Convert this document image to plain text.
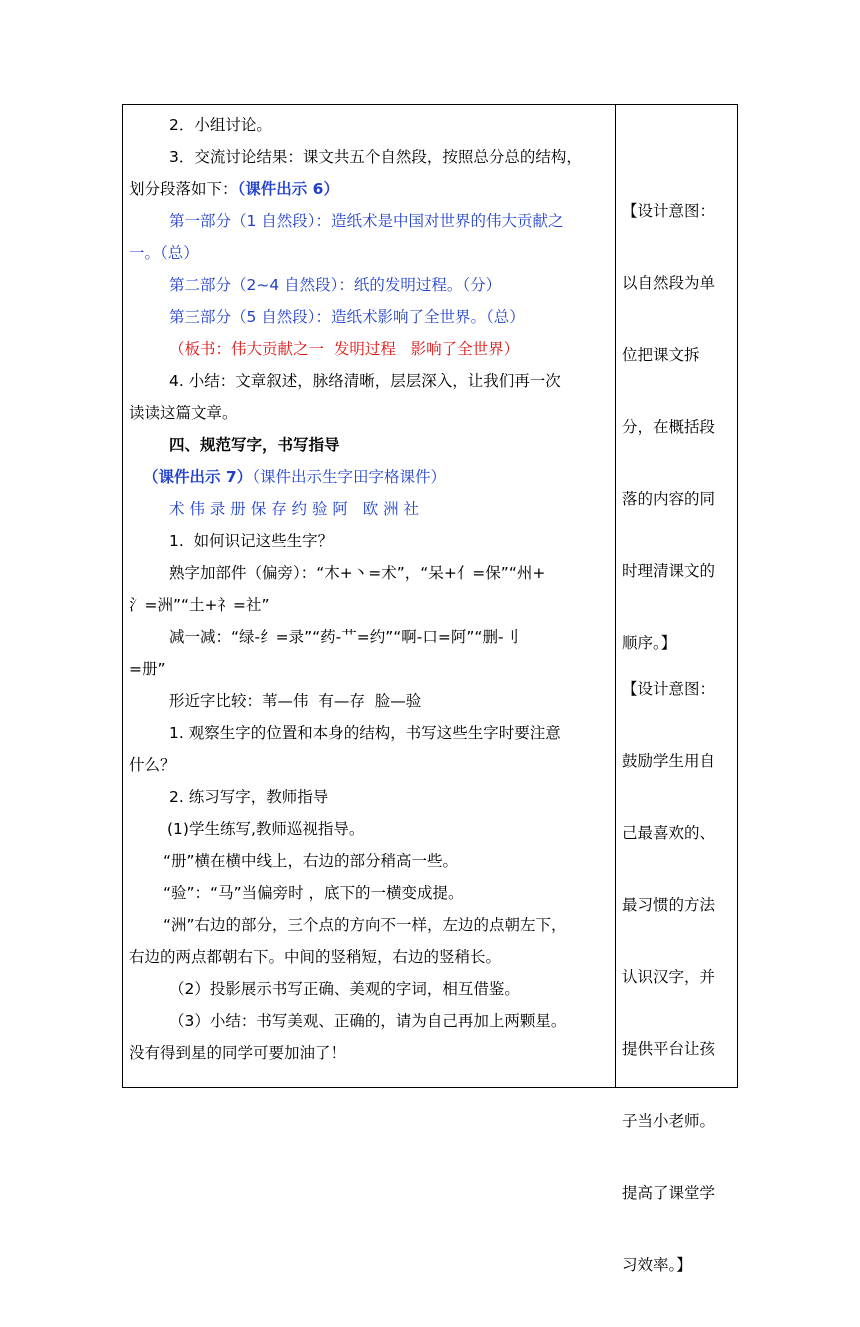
2．小组讨论。
3．交流讨论结果：课文共五个自然段，按照总分总的结构，
划分段落如下：（课件出示 6）
第一部分（1 自然段）：造纸术是中国对世界的伟大贡献之
一。（总）
第二部分（2~4 自然段）：纸的发明过程。（分）
第三部分（5 自然段）：造纸术影响了全世界。（总）
（板书：伟大贡献之一  发明过程   影响了全世界）
4. 小结：文章叙述，脉络清晰，层层深入，让我们再一次
读读这篇文章。
四、规范写字，书写指导
（课件出示 7）（课件出示生字田字格课件）
术 伟 录 册 保 存 约 验 阿   欧 洲 社
1.  如何识记这些生字？
熟字加部件（偏旁）：“木+丶=术”，“呆+亻=保”“州+
氵=洲”“土+礻=社”
减一减：“绿-纟=录”“药-艹=约”“啊-口=阿”“删-刂
=册”
形近字比较：苇—伟  有—存  脸—验
1. 观察生字的位置和本身的结构，书写这些生字时要注意
什么？
2. 练习写字，教师指导
(1)学生练写,教师巡视指导。
“册”横在横中线上，右边的部分稍高一些。
“验”：“马”当偏旁时 ，底下的一横变成提。
“洲”右边的部分，三个点的方向不一样，左边的点朝左下，
右边的两点都朝右下。中间的竖稍短，右边的竖稍长。
（2）投影展示书写正确、美观的字词，相互借鉴。
（3）小结：书写美观、正确的，请为自己再加上两颗星。
没有得到星的同学可要加油了！

【设计意图：

以自然段为单

位把课文拆

分，在概括段

落的内容的同

时理清课文的

顺序。】

【设计意图：

鼓励学生用自

己最喜欢的、

最习惯的方法

认识汉字，并

提供平台让孩

子当小老师。

提高了课堂学

习效率。】
